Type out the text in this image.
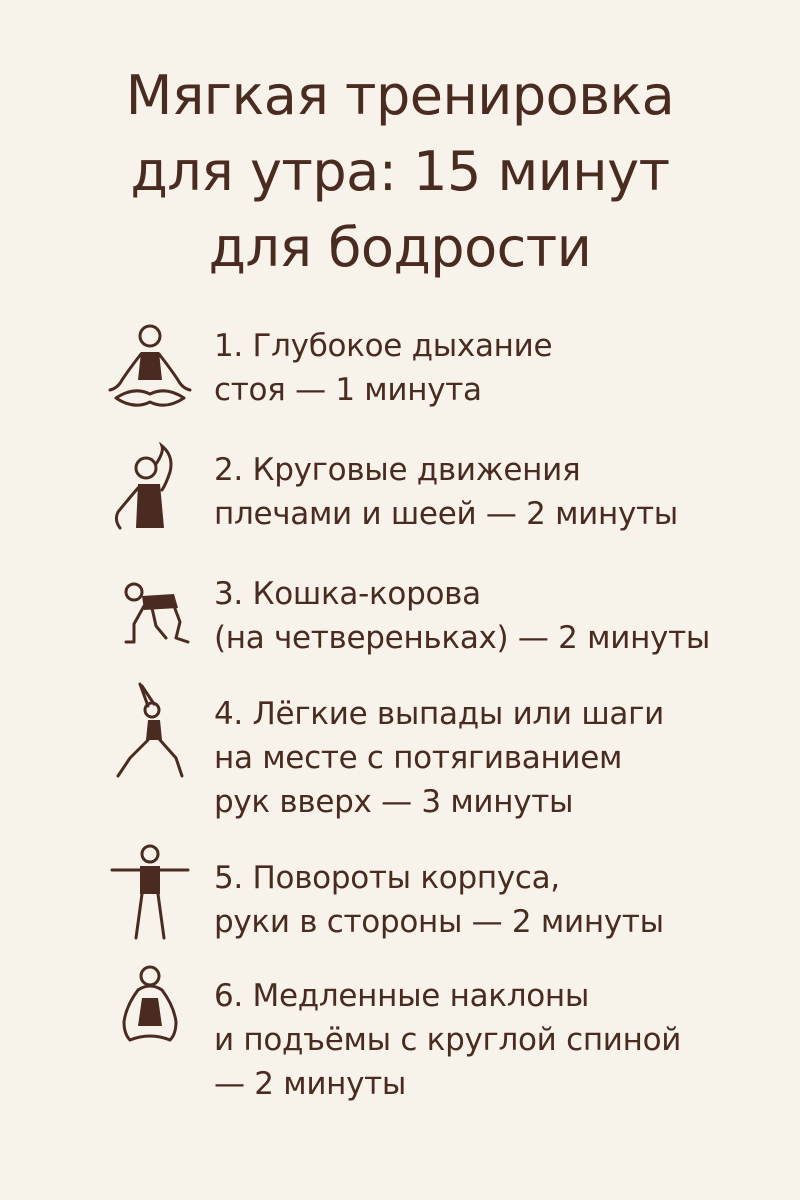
Мягкая тренировка
для утра: 15 минут
для бодрости
1. Глубокое дыхание
стоя — 1 минута
2. Круговые движения
плечами и шеей — 2 минуты
3. Кошка-корова
(на четвереньках) — 2 минуты
4. Лёгкие выпады или шаги
на месте с потягиванием
рук вверх — 3 минуты
5. Повороты корпуса,
руки в стороны — 2 минуты
6. Медленные наклоны
и подъёмы с круглой спиной
— 2 минуты
